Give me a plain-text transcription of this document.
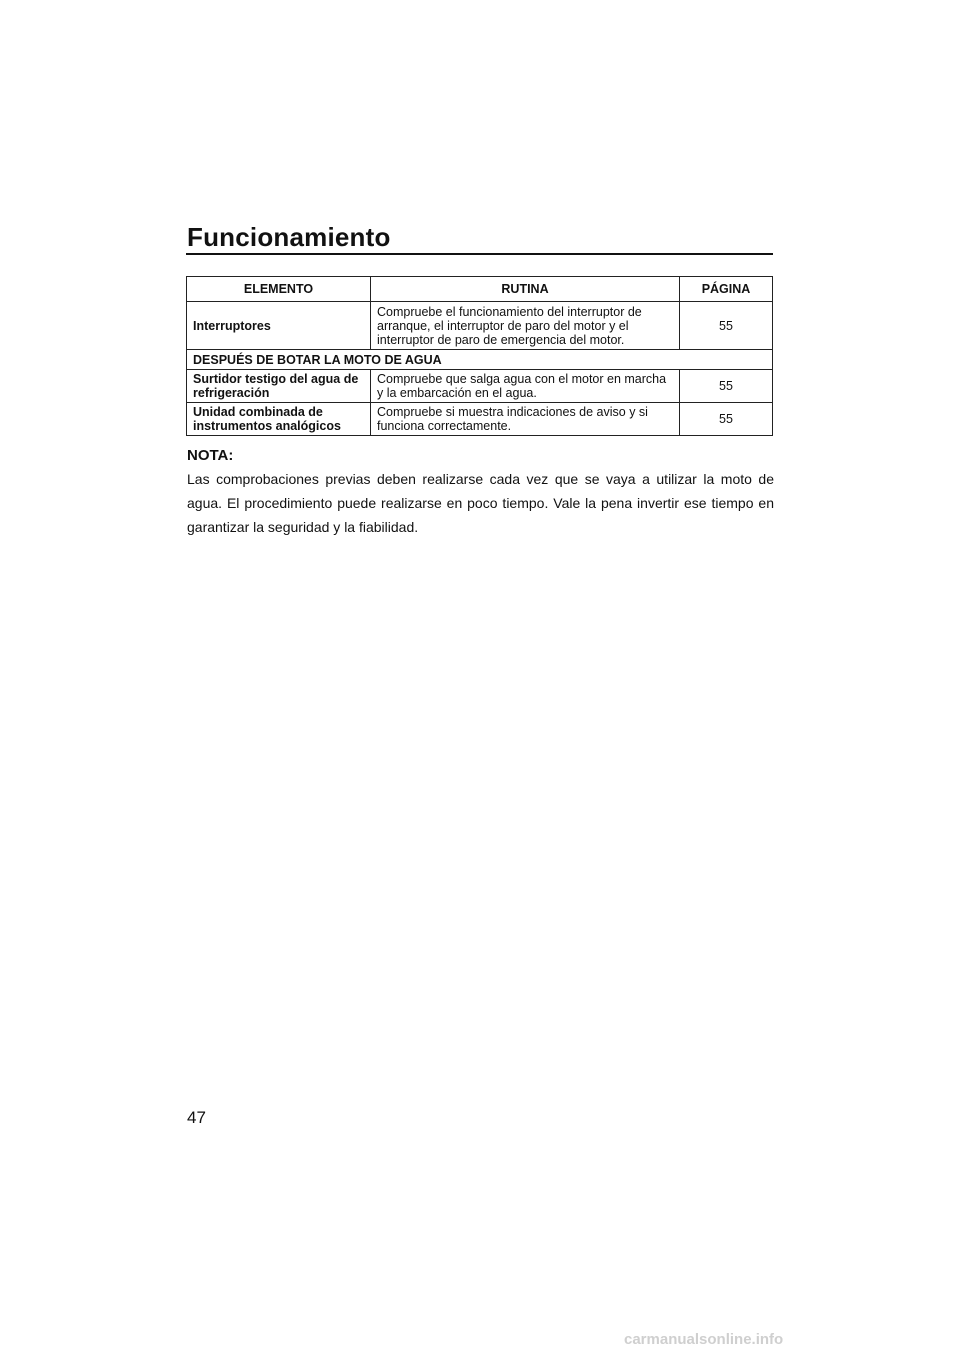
Funcionamiento
ELEMENTO	RUTINA	PÁGINA
Interruptores	Compruebe el funcionamiento del interruptor de arranque, el interruptor de paro del motor y el interruptor de paro de emergencia del motor.	55
DESPUÉS DE BOTAR LA MOTO DE AGUA		
Surtidor testigo del agua de refrigeración	Compruebe que salga agua con el motor en marcha y la embarcación en el agua.	55
Unidad combinada de instrumentos analógicos	Compruebe si muestra indicaciones de aviso y si funciona correctamente.	55
NOTA:
Las comprobaciones previas deben realizarse cada vez que se vaya a utilizar la moto de agua. El procedimiento puede realizarse en poco tiempo. Vale la pena invertir ese tiempo en garantizar la seguridad y la fiabilidad.
47
carmanualsonline.info
